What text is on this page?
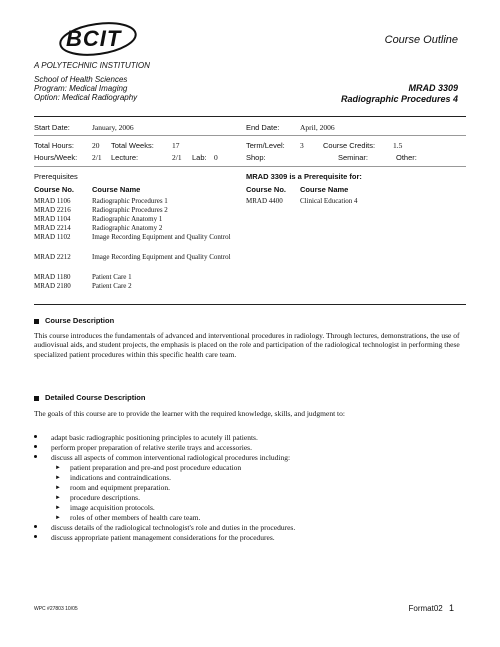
BCIT	Course Outline
A POLYTECHNIC INSTITUTION
School of Health Sciences
Program: Medical Imaging
Option: Medical Radiography
MRAD 3309
Radiographic Procedures 4
Start Date:	January, 2006	End Date:	April, 2006
Total Hours: 20 Total Weeks: 17	Term/Level: 3	Course Credits: 1.5
Hours/Week: 2/1 Lecture:	2/1 Lab: 0	Shop:	Seminar:	Other:
Prerequisites
Course No. Course Name
MRAD 1106	Radiographic Procedures 1
MRAD 2216	Radiographic Procedures 2
MRAD 1104	Radiographic Anatomy 1
MRAD 2214	Radiographic Anatomy 2
MRAD 1102	Image Recording Equipment and Quality Control
MRAD 2212	Image Recording Equipment and Quality Control
MRAD 1180	Patient Care 1
MRAD 2180	Patient Care 2
MRAD 3309 is a Prerequisite for:
Course No. Course Name
MRAD 4400	Clinical Education 4
Course Description
This course introduces the fundamentals of advanced and interventional procedures in radiology. Through lectures, demonstrations, the use of audiovisual aids, and student projects, the emphasis is placed on the role and participation of the radiological technologist in performing these specialized patient procedures within this specific health care team.
Detailed Course Description
The goals of this course are to provide the learner with the required knowledge, skills, and judgment to:
adapt basic radiographic positioning principles to acutely ill patients.
perform proper preparation of relative sterile trays and accessories.
discuss all aspects of common interventional radiological procedures including:
► patient preparation and pre-and post procedure education
► indications and contraindications.
► room and equipment preparation.
► procedure descriptions.
► image acquisition protocols.
► roles of other members of health care team.
discuss details of the radiological technologist's role and duties in the procedures.
discuss appropriate patient management considerations for the procedures.
WPC #27803 10/05	Format02 1
